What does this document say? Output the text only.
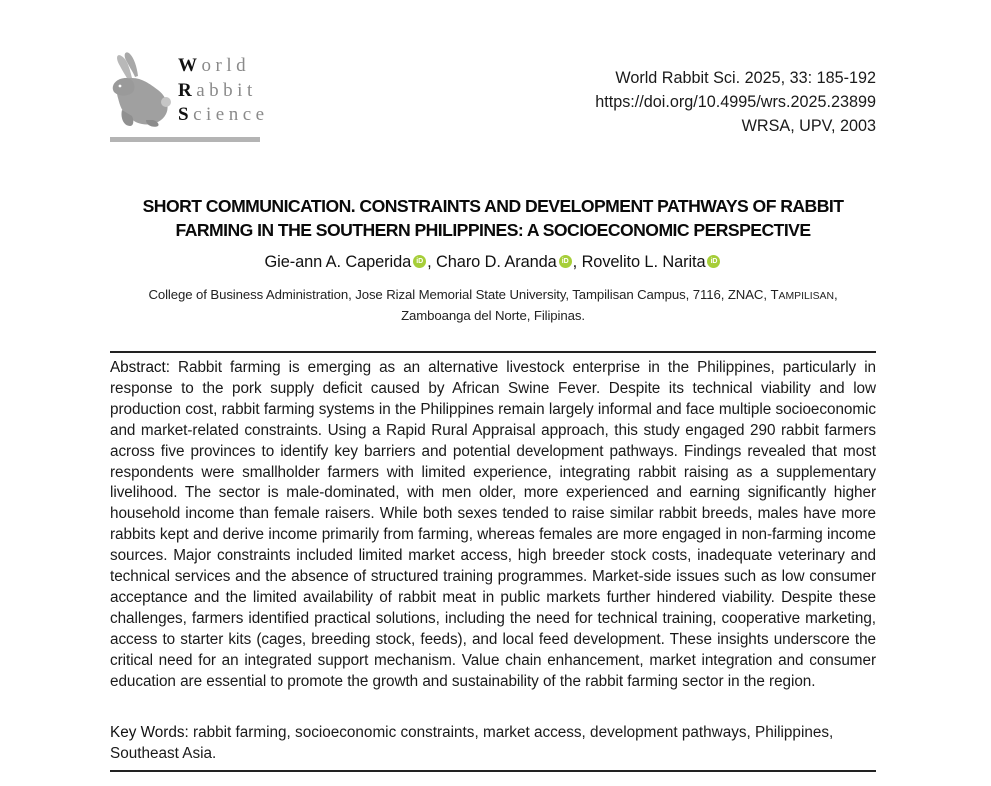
World
Rabbit
Science
World Rabbit Sci. 2025, 33: 185-192
https://doi.org/10.4995/wrs.2025.23899
WRSA, UPV, 2003
SHORT COMMUNICATION. CONSTRAINTS AND DEVELOPMENT PATHWAYS OF RABBIT FARMING IN THE SOUTHERN PHILIPPINES: A SOCIOECONOMIC PERSPECTIVE
Gie-ann A. Caperida iD , Charo D. Aranda iD , Rovelito L. Narita iD
College of Business Administration, Jose Rizal Memorial State University, Tampilisan Campus, 7116, ZNAC, TAMPILISAN,
Zamboanga del Norte, Filipinas.
Abstract: Rabbit farming is emerging as an alternative livestock enterprise in the Philippines, particularly in response to the pork supply deficit caused by African Swine Fever. Despite its technical viability and low production cost, rabbit farming systems in the Philippines remain largely informal and face multiple socioeconomic and market-related constraints. Using a Rapid Rural Appraisal approach, this study engaged 290 rabbit farmers across five provinces to identify key barriers and potential development pathways. Findings revealed that most respondents were smallholder farmers with limited experience, integrating rabbit raising as a supplementary livelihood. The sector is male-dominated, with men older, more experienced and earning significantly higher household income than female raisers. While both sexes tended to raise similar rabbit breeds, males have more rabbits kept and derive income primarily from farming, whereas females are more engaged in non-farming income sources. Major constraints included limited market access, high breeder stock costs, inadequate veterinary and technical services and the absence of structured training programmes. Market-side issues such as low consumer acceptance and the limited availability of rabbit meat in public markets further hindered viability. Despite these challenges, farmers identified practical solutions, including the need for technical training, cooperative marketing, access to starter kits (cages, breeding stock, feeds), and local feed development. These insights underscore the critical need for an integrated support mechanism. Value chain enhancement, market integration and consumer education are essential to promote the growth and sustainability of the rabbit farming sector in the region.
Key Words: rabbit farming, socioeconomic constraints, market access, development pathways, Philippines, Southeast Asia.
